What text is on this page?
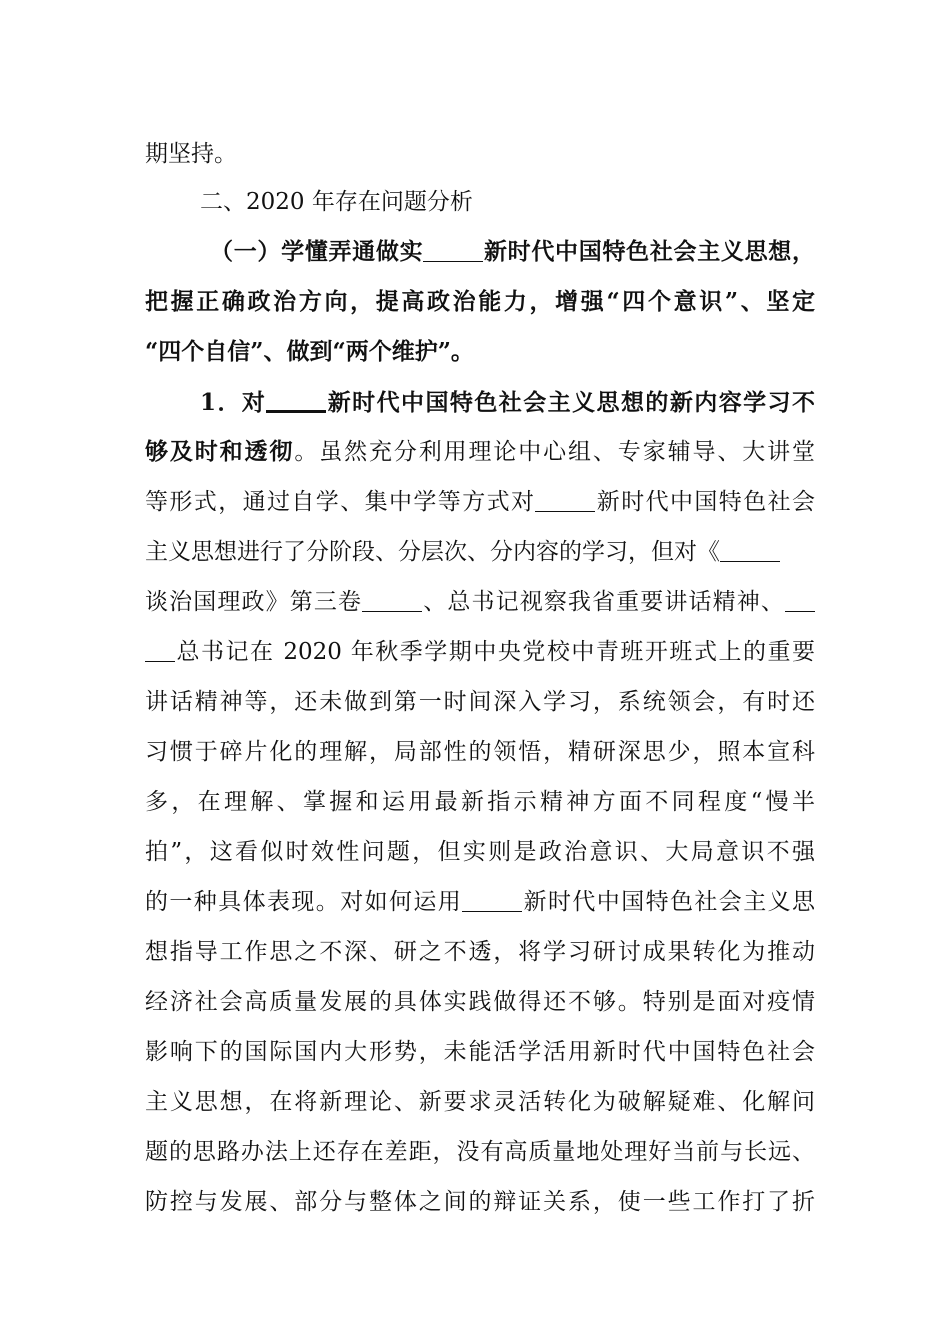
期坚持。
二、2020 年存在问题分析
（一）学懂弄通做实	新时代中国特色社会主义思想，
把握正确政治方向，提高政治能力，增强“四个意识”、坚定
“四个自信”、做到“两个维护”。
1．对	新时代中国特色社会主义思想的新内容学习不
够及时和透彻。虽然充分利用理论中心组、专家辅导、大讲堂
等形式，通过自学、集中学等方式对	新时代中国特色社会
主义思想进行了分阶段、分层次、分内容的学习，但对《
谈治国理政》第三卷	、总书记视察我省重要讲话精神、
总书记在 2020 年秋季学期中央党校中青班开班式上的重要
讲话精神等，还未做到第一时间深入学习，系统领会，有时还
习惯于碎片化的理解，局部性的领悟，精研深思少，照本宣科
多，在理解、掌握和运用最新指示精神方面不同程度“慢半
拍”，这看似时效性问题，但实则是政治意识、大局意识不强
的一种具体表现。对如何运用	新时代中国特色社会主义思
想指导工作思之不深、研之不透，将学习研讨成果转化为推动
经济社会高质量发展的具体实践做得还不够。特别是面对疫情
影响下的国际国内大形势，未能活学活用新时代中国特色社会
主义思想，在将新理论、新要求灵活转化为破解疑难、化解问
题的思路办法上还存在差距，没有高质量地处理好当前与长远、
防控与发展、部分与整体之间的辩证关系，使一些工作打了折
